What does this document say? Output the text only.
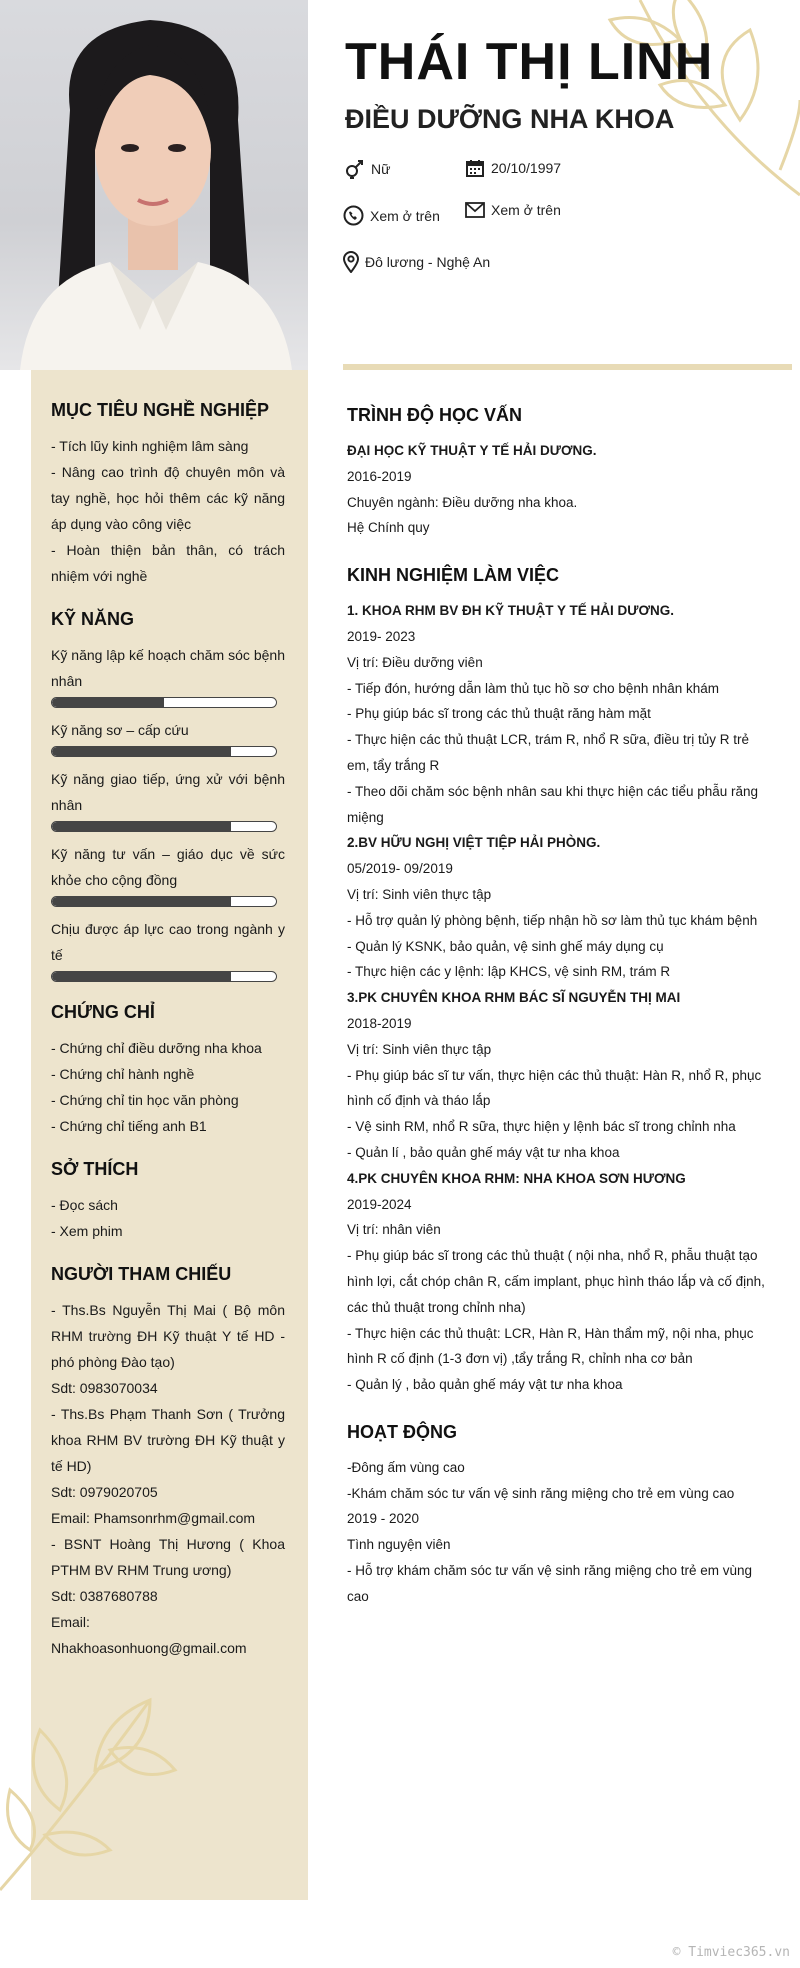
THÁI THỊ LINH
ĐIỀU DƯỠNG NHA KHOA
Nữ	20/10/1997
Xem ở trên	Xem ở trên
Đô lương - Nghệ An
MỤC TIÊU NGHỀ NGHIỆP

- Tích lũy kinh nghiệm lâm sàng
- Nâng cao trình độ chuyên môn và tay nghề, học hỏi thêm các kỹ năng áp dụng vào công việc
- Hoàn thiện bản thân, có trách nhiệm với nghề

KỸ NĂNG
Kỹ năng lập kế hoạch chăm sóc bệnh nhân
Kỹ năng sơ – cấp cứu
Kỹ năng giao tiếp, ứng xử với bệnh nhân
Kỹ năng tư vấn – giáo dục về sức khỏe cho cộng đồng
Chịu được áp lực cao trong ngành y tế
CHỨNG CHỈ

- Chứng chỉ điều dưỡng nha khoa
- Chứng chỉ hành nghề
- Chứng chỉ tin học văn phòng
- Chứng chỉ tiếng anh B1

SỞ THÍCH

- Đọc sách
- Xem phim

NGƯỜI THAM CHIẾU

- Ths.Bs Nguyễn Thị Mai ( Bộ môn RHM trường ĐH Kỹ thuật Y tế HD - phó phòng Đào tạo)
Sdt: 0983070034
- Ths.Bs Phạm Thanh Sơn ( Trưởng khoa RHM BV trường ĐH Kỹ thuật y tế HD)
Sdt: 0979020705
Email: Phamsonrhm@gmail.com
- BSNT Hoàng Thị Hương ( Khoa PTHM BV RHM Trung ương)
Sdt: 0387680788
Email:
Nhakhoasonhuong@gmail.com

TRÌNH ĐỘ HỌC VẤN

ĐẠI HỌC KỸ THUẬT Y TẾ HẢI DƯƠNG.

2016-2019

Chuyên ngành: Điều dưỡng nha khoa.

Hệ Chính quy

KINH NGHIỆM LÀM VIỆC

1. KHOA RHM BV ĐH KỸ THUẬT Y TẾ HẢI DƯƠNG.

2019- 2023

Vị trí: Điều dưỡng viên

- Tiếp đón, hướng dẫn làm thủ tục hồ sơ cho bệnh nhân khám

- Phụ giúp bác sĩ trong các thủ thuật răng hàm mặt

- Thực hiện các thủ thuật LCR, trám R, nhổ R sữa, điều trị tủy R trẻ em, tẩy trắng R

- Theo dõi chăm sóc bệnh nhân sau khi thực hiện các tiểu phẫu răng miệng

2.BV HỮU NGHỊ VIỆT TIỆP HẢI PHÒNG.

05/2019- 09/2019

Vị trí: Sinh viên thực tập

- Hỗ trợ quản lý phòng bệnh, tiếp nhận hồ sơ làm thủ tục khám bệnh

- Quản lý KSNK, bảo quản, vệ sinh ghế máy dụng cụ

- Thực hiện các y lệnh: lập KHCS, vệ sinh RM, trám R

3.PK CHUYÊN KHOA RHM BÁC SĨ NGUYỄN THỊ MAI

2018-2019

Vị trí: Sinh viên thực tập

- Phụ giúp bác sĩ tư vấn, thực hiện các thủ thuật: Hàn R, nhổ R, phục hình cố định và tháo lắp

- Vệ sinh RM, nhổ R sữa, thực hiện y lệnh bác sĩ trong chỉnh nha

- Quản lí , bảo quản ghế máy vật tư nha khoa

4.PK CHUYÊN KHOA RHM: NHA KHOA SƠN HƯƠNG

2019-2024

Vị trí: nhân viên

- Phụ giúp bác sĩ trong các thủ thuật ( nội nha, nhổ R, phẫu thuật tạo hình lợi, cắt chóp chân R, cấm implant, phục hình tháo lắp và cố định, các thủ thuật trong chỉnh nha)

- Thực hiện các thủ thuật: LCR, Hàn R, Hàn thẩm mỹ, nội nha, phục hình R cố định (1-3 đơn vị) ,tẩy trắng R, chỉnh nha cơ bản

- Quản lý , bảo quản ghế máy vật tư nha khoa

HOẠT ĐỘNG

-Đông ấm vùng cao

-Khám chăm sóc tư vấn vệ sinh răng miệng cho trẻ em vùng cao

2019 - 2020

Tình nguyện viên

- Hỗ trợ khám chăm sóc tư vấn vệ sinh răng miệng cho trẻ em vùng cao

© Timviec365.vn
